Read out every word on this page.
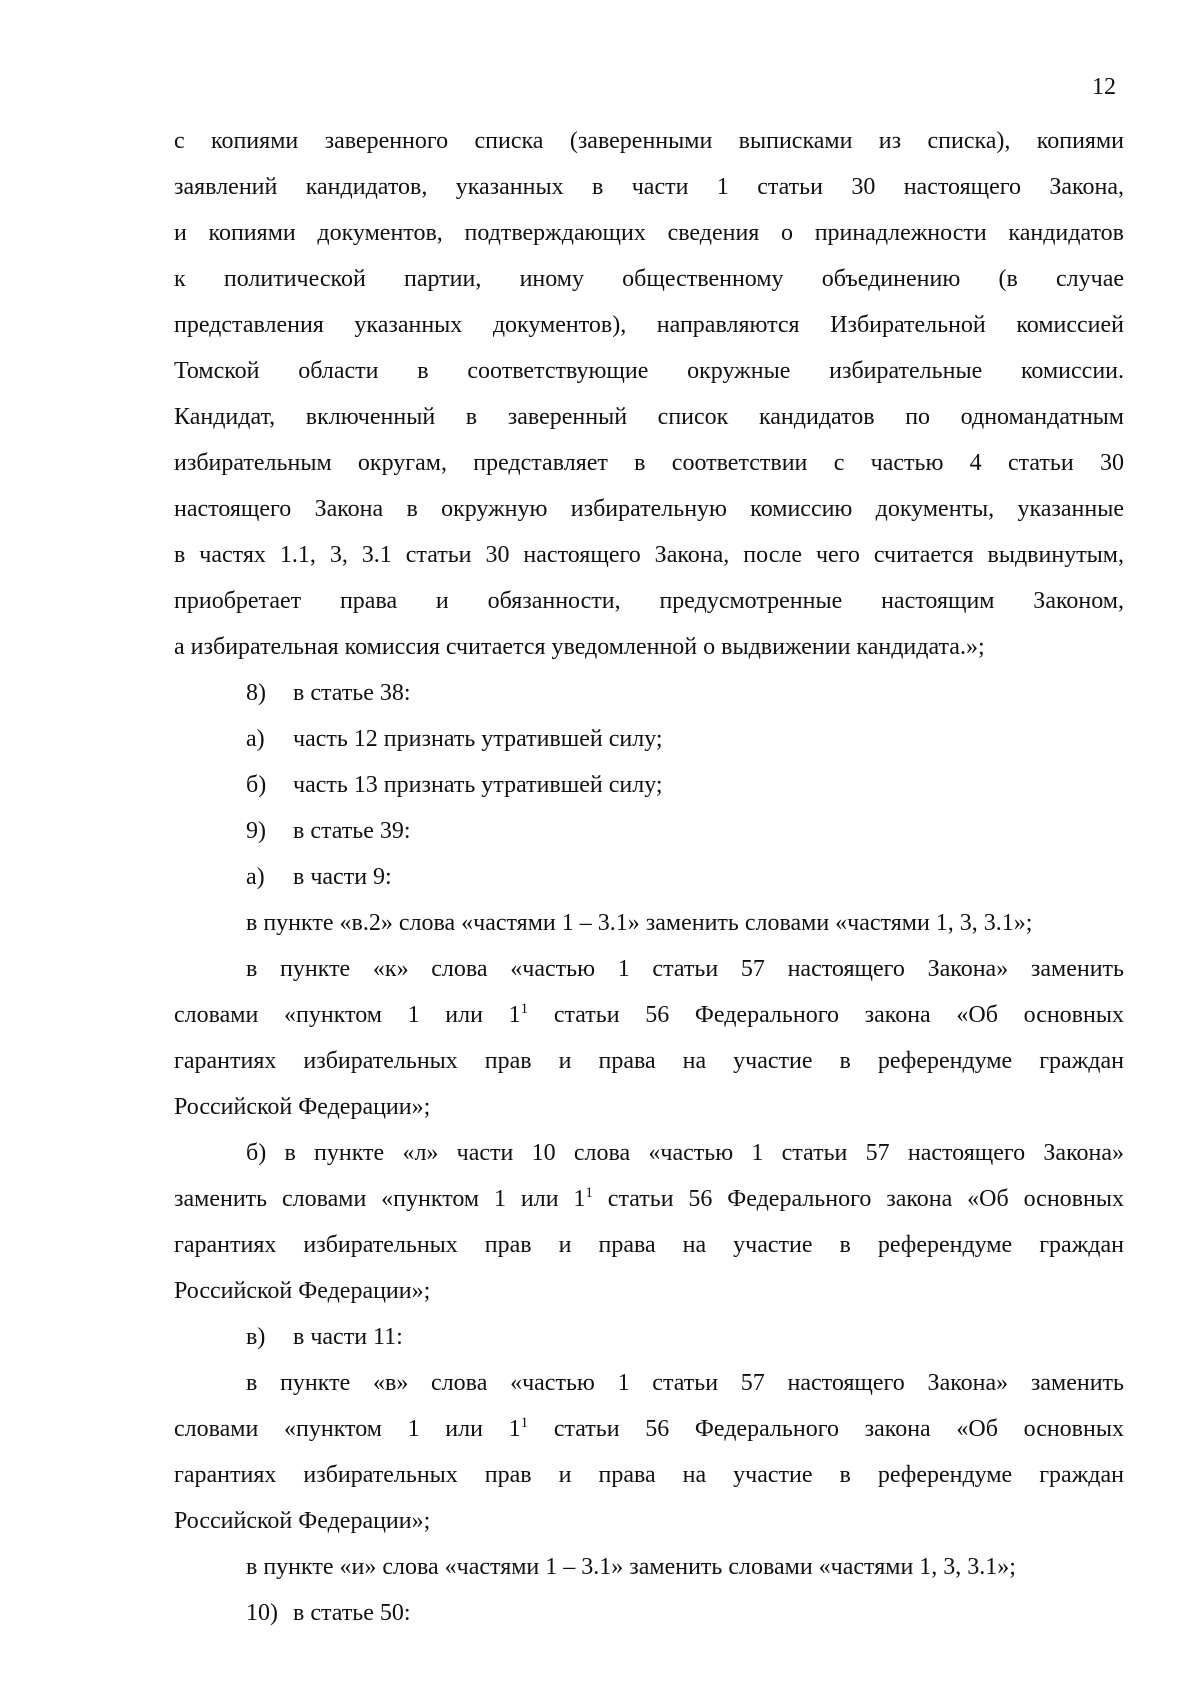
12
с копиями заверенного списка (заверенными выписками из списка), копиями
заявлений кандидатов, указанных в части 1 статьи 30 настоящего Закона,
и копиями документов, подтверждающих сведения о принадлежности кандидатов
к политической партии, иному общественному объединению (в случае
представления указанных документов), направляются Избирательной комиссией
Томской области в соответствующие окружные избирательные комиссии.
Кандидат, включенный в заверенный список кандидатов по одномандатным
избирательным округам, представляет в соответствии с частью 4 статьи 30
настоящего Закона в окружную избирательную комиссию документы, указанные
в частях 1.1, 3, 3.1 статьи 30 настоящего Закона, после чего считается выдвинутым,
приобретает права и обязанности, предусмотренные настоящим Законом,
а избирательная комиссия считается уведомленной о выдвижении кандидата.»;
8) в статье 38:
а) часть 12 признать утратившей силу;
б) часть 13 признать утратившей силу;
9) в статье 39:
а) в части 9:
в пункте «в.2» слова «частями 1 – 3.1» заменить словами «частями 1, 3, 3.1»;
в пункте «к» слова «частью 1 статьи 57 настоящего Закона» заменить
словами «пунктом 1 или $1^1$ статьи 56 Федерального закона «Об основных
гарантиях избирательных прав и права на участие в референдуме граждан
Российской Федерации»;
б) в пункте «л» части 10 слова «частью 1 статьи 57 настоящего Закона»
заменить словами «пунктом 1 или $1^1$ статьи 56 Федерального закона «Об основных
гарантиях избирательных прав и права на участие в референдуме граждан
Российской Федерации»;
в) в части 11:
в пункте «в» слова «частью 1 статьи 57 настоящего Закона» заменить
словами «пунктом 1 или $1^1$ статьи 56 Федерального закона «Об основных
гарантиях избирательных прав и права на участие в референдуме граждан
Российской Федерации»;
в пункте «и» слова «частями 1 – 3.1» заменить словами «частями 1, 3, 3.1»;
10) в статье 50:
